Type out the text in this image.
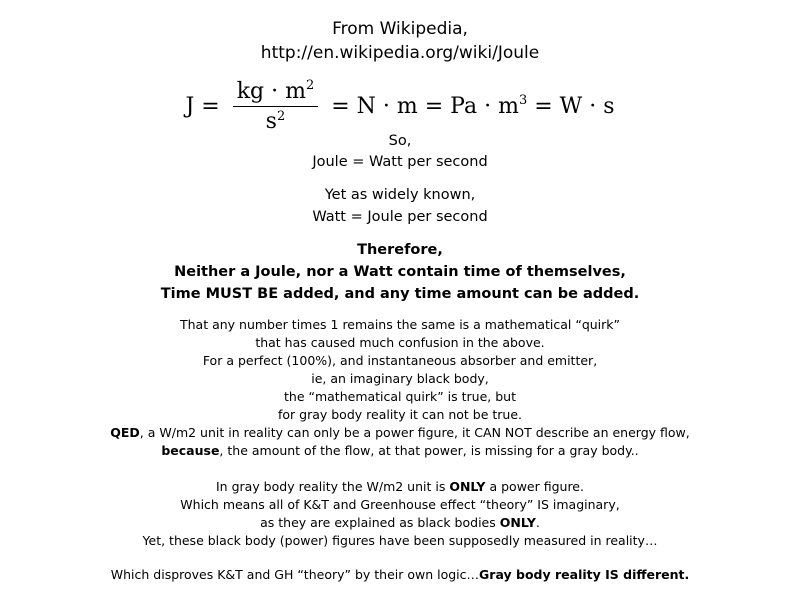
From Wikipedia,
http://en.wikipedia.org/wiki/Joule
$J = \frac{kg \cdot m^2}{s^2} = N \cdot m = Pa \cdot m^3 = W \cdot s$
So,
Joule = Watt per second
Yet as widely known,
Watt = Joule per second
Therefore,
Neither a Joule, nor a Watt contain time of themselves,
Time MUST BE added, and any time amount can be added.
That any number times 1 remains the same is a mathematical “quirk”
that has caused much confusion in the above.
For a perfect (100%), and instantaneous absorber and emitter,
ie, an imaginary black body,
the “mathematical quirk” is true, but
for gray body reality it can not be true.
QED, a W/m2 unit in reality can only be a power figure, it CAN NOT describe an energy flow,
because, the amount of the flow, at that power, is missing for a gray body..
In gray body reality the W/m2 unit is ONLY a power figure.
Which means all of K&T and Greenhouse effect “theory” IS imaginary,
as they are explained as black bodies ONLY.
Yet, these black body (power) figures have been supposedly measured in reality…
Which disproves K&T and GH “theory” by their own logic…Gray body reality IS different.
